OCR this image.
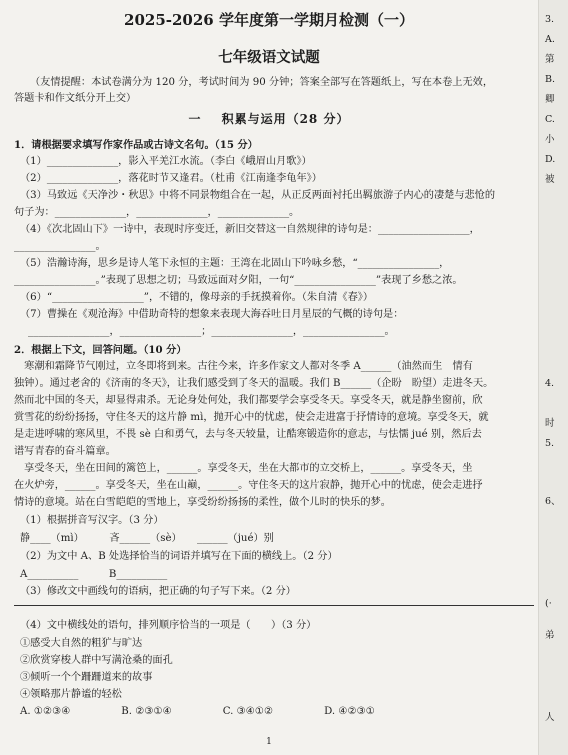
2025-2026 学年度第一学期月检测（一）
七年级语文试题
（友情提醒：本试卷满分为 120 分，考试时间为 90 分钟；答案全部写在答题纸上，写在本卷上无效，
答题卡和作文纸分开上交）
一 积累与运用（28 分）
1．请根据要求填写作家作品或古诗文名句。（15 分）
（1）______________，影入平羌江水流。（李白《峨眉山月歌》）
（2）______________，落花时节又逢君。（杜甫《江南逢李龟年》）
（3）马致远《天净沙・秋思》中将不同景物组合在一起，从正反两面衬托出羁旅游子内心的凄楚与悲怆的
句子为：______________，______________，______________。
（4）《次北固山下》一诗中，表现时序变迁，新旧交替这一自然规律的诗句是：__________________，
________________。
（5）浩瀚诗海，思乡是诗人笔下永恒的主题：王湾在北固山下吟咏乡愁，“________________，
________________。”表现了思想之切；马致远面对夕阳，一句“________________”表现了乡愁之浓。
（6）“__________________”，不错的，像母亲的手抚摸着你。（朱自清《春》）
（7）曹操在《观沧海》中借助奇特的想象来表现大海吞吐日月星辰的气概的诗句是：
________________，________________；________________，________________。
2．根据上下文，回答问题。（10 分）
　寒潮和霜降节气刚过，立冬即将到来。古往今来，许多作家文人都对冬季 A______（油然而生　情有
独钟）。通过老舍的《济南的冬天》，让我们感受到了冬天的温暖。我们 B______（企盼　盼望）走进冬天。
然而北中国的冬天，却显得肃杀。无论身处何处，我们都要学会享受冬天。享受冬天，就是静坐窗前，欣
赏雪花的纷纷扬扬，守住冬天的这片静 mì，抛开心中的忧虑，使会走进富于抒情诗的意境。享受冬天，就
是走进呼啸的寒风里，不畏 sè 白和勇气，去与冬天较量，让酷寒锻造你的意志，与怯懦 jué 别，然后去
谱写青春的奋斗篇章。
　享受冬天，坐在田间的篱笆上，______。享受冬天，坐在大都市的立交桥上，______。享受冬天，坐
在火炉旁，______。享受冬天，坐在山巅，______。守住冬天的这片寂静，抛开心中的忧虑，使会走进抒
情诗的意境。站在白雪皑皑的雪地上，享受纷纷扬扬的柔性，做个儿时的快乐的梦。
（1）根据拼音写汉字。（3 分）
静____（mì）　　　吝______（sè）　　______（jué）别
（2）为文中 A、B 处选择恰当的词语并填写在下面的横线上。（2 分）
A__________　　　B__________
（3）修改文中画线句的语病，把正确的句子写下来。（2 分）
（4）文中横线处的语句，排列顺序恰当的一项是（　　）（3 分）
①感受大自然的粗犷与旷达
②欣赏穿梭人群中写满沧桑的面孔
③倾听一个个跚跚道来的故事
④领略那片静谧的轻松
A. ①②③④　　　　　B. ②③①④　　　　　C. ③④①②　　　　　D. ④②③①
1
3.
A.
第
B.
卿
C.
小
D.
被
4.
时
5.
6、
(·
弟
人
